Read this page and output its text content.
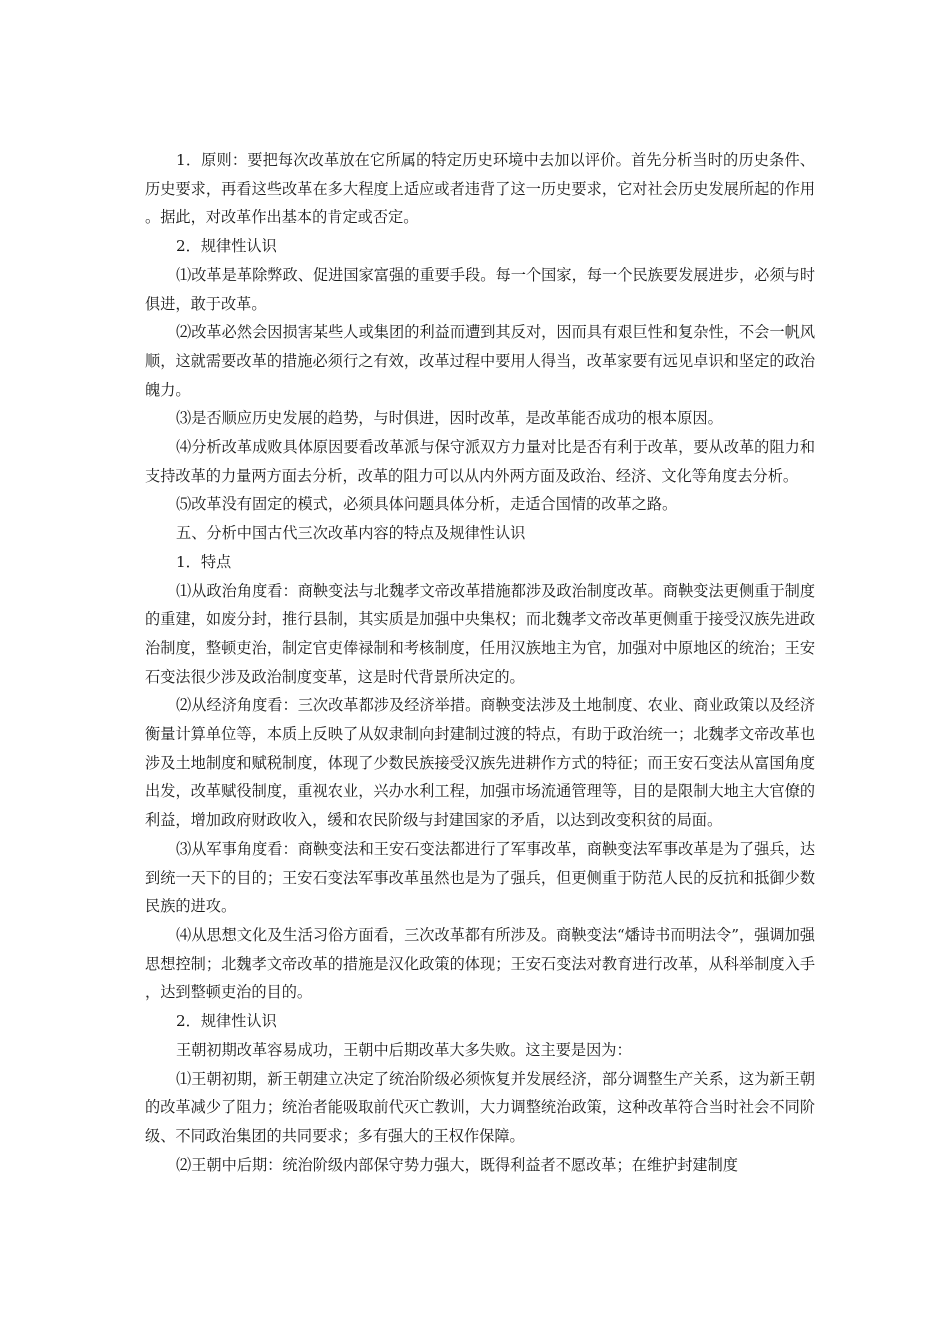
1．原则：要把每次改革放在它所属的特定历史环境中去加以评价。首先分析当时的历史条件、历史要求，再看这些改革在多大程度上适应或者违背了这一历史要求，它对社会历史发展所起的作用。据此，对改革作出基本的肯定或否定。

2．规律性认识

⑴改革是革除弊政、促进国家富强的重要手段。每一个国家，每一个民族要发展进步，必须与时俱进，敢于改革。

⑵改革必然会因损害某些人或集团的利益而遭到其反对，因而具有艰巨性和复杂性，不会一帆风顺，这就需要改革的措施必须行之有效，改革过程中要用人得当，改革家要有远见卓识和坚定的政治魄力。

⑶是否顺应历史发展的趋势，与时俱进，因时改革，是改革能否成功的根本原因。

⑷分析改革成败具体原因要看改革派与保守派双方力量对比是否有利于改革，要从改革的阻力和支持改革的力量两方面去分析，改革的阻力可以从内外两方面及政治、经济、文化等角度去分析。

⑸改革没有固定的模式，必须具体问题具体分析，走适合国情的改革之路。

五、分析中国古代三次改革内容的特点及规律性认识

1．特点

⑴从政治角度看：商鞅变法与北魏孝文帝改革措施都涉及政治制度改革。商鞅变法更侧重于制度的重建，如废分封，推行县制，其实质是加强中央集权；而北魏孝文帝改革更侧重于接受汉族先进政治制度，整顿吏治，制定官吏俸禄制和考核制度，任用汉族地主为官，加强对中原地区的统治；王安石变法很少涉及政治制度变革，这是时代背景所决定的。

⑵从经济角度看：三次改革都涉及经济举措。商鞅变法涉及土地制度、农业、商业政策以及经济衡量计算单位等，本质上反映了从奴隶制向封建制过渡的特点，有助于政治统一；北魏孝文帝改革也涉及土地制度和赋税制度，体现了少数民族接受汉族先进耕作方式的特征；而王安石变法从富国角度出发，改革赋役制度，重视农业，兴办水利工程，加强市场流通管理等，目的是限制大地主大官僚的利益，增加政府财政收入，缓和农民阶级与封建国家的矛盾，以达到改变积贫的局面。

⑶从军事角度看：商鞅变法和王安石变法都进行了军事改革，商鞅变法军事改革是为了强兵，达到统一天下的目的；王安石变法军事改革虽然也是为了强兵，但更侧重于防范人民的反抗和抵御少数民族的进攻。

⑷从思想文化及生活习俗方面看，三次改革都有所涉及。商鞅变法“燔诗书而明法令”，强调加强思想控制；北魏孝文帝改革的措施是汉化政策的体现；王安石变法对教育进行改革，从科举制度入手，达到整顿吏治的目的。

2．规律性认识

王朝初期改革容易成功，王朝中后期改革大多失败。这主要是因为：

⑴王朝初期，新王朝建立决定了统治阶级必须恢复并发展经济，部分调整生产关系，这为新王朝的改革减少了阻力；统治者能吸取前代灭亡教训，大力调整统治政策，这种改革符合当时社会不同阶级、不同政治集团的共同要求；多有强大的王权作保障。

⑵王朝中后期：统治阶级内部保守势力强大，既得利益者不愿改革；在维护封建制度
